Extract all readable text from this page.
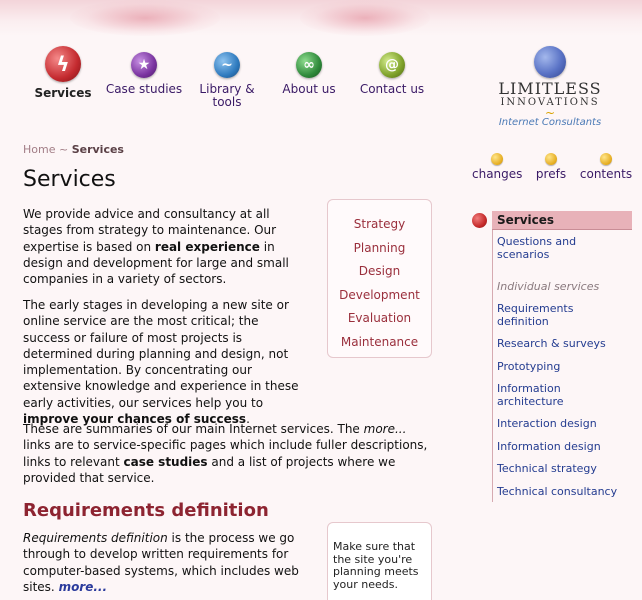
ϟ
Services
★
Case studies
~
Library & tools
∞
About us
@
Contact us	LIMITLESS
INNOVATIONS
~
Internet Consultants
changes prefs contents
Home ~ Services
Services
We provide advice and consultancy at all stages from strategy to maintenance. Our expertise is based on real experience in design and development for large and small companies in a variety of sectors.
The early stages in developing a new site or online service are the most critical; the success or failure of most projects is determined during planning and design, not implementation. By concentrating our extensive knowledge and experience in these early activities, our services help you to improve your chances of success.
These are summaries of our main Internet services. The more... links are to service-specific pages which include fuller descriptions, links to relevant case studies and a list of projects where we provided that service.
Strategy
Planning
Design
Development
Evaluation
Maintenance
Requirements definition
Requirements definition is the process we go through to develop written requirements for computer-based systems, which includes web sites. more...
Make sure that the site you're planning meets your needs.
Services
Questions and scenarios
Individual services
Requirements definition
Research & surveys
Prototyping
Information architecture
Interaction design
Information design
Technical strategy
Technical consultancy
